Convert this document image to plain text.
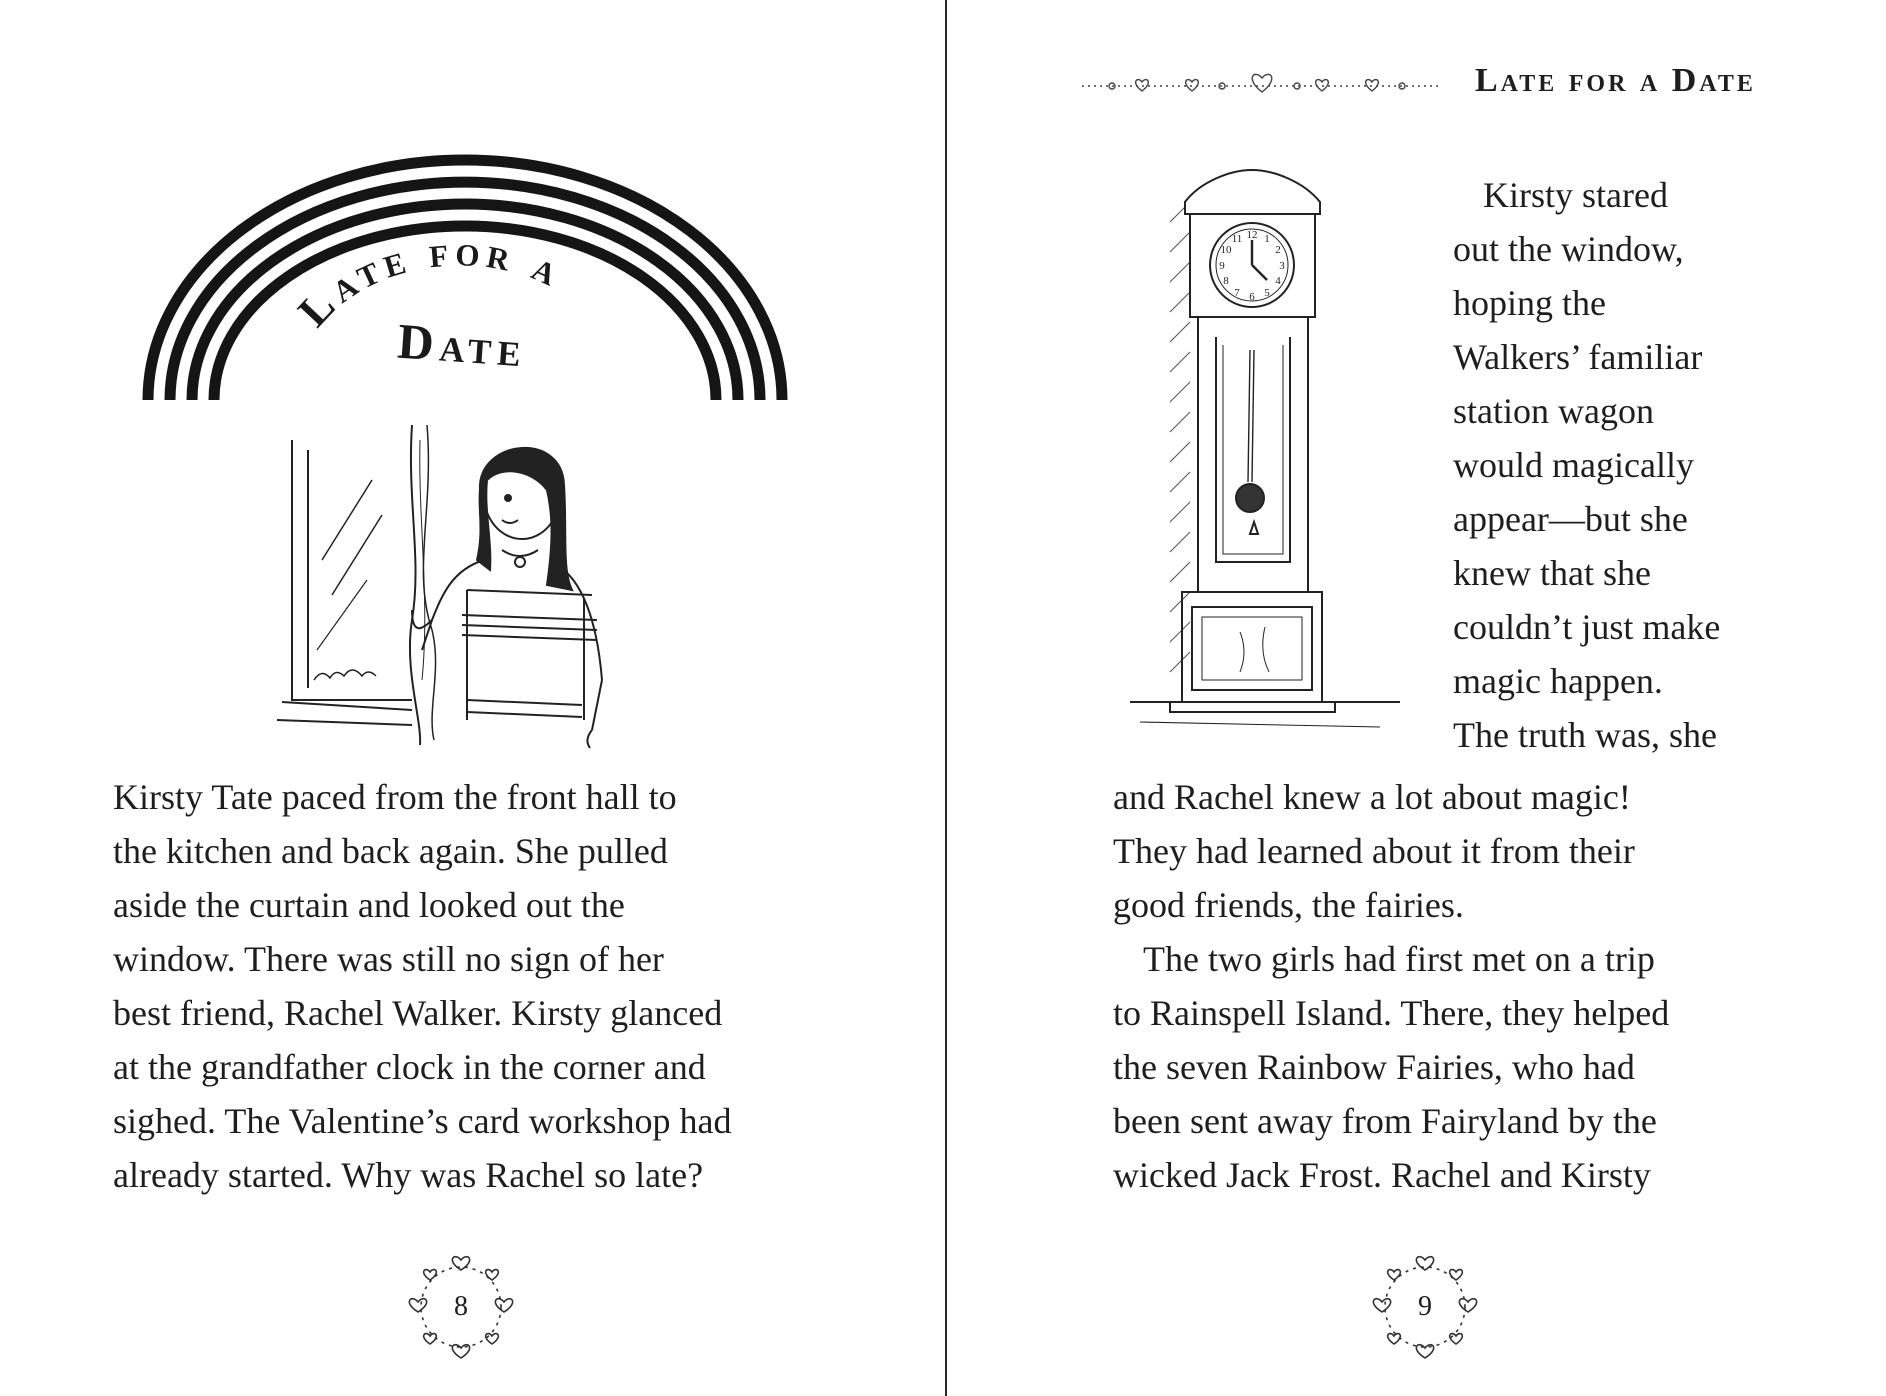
Late for a
Date
Kirsty Tate paced from the front hall to
the kitchen and back again. She pulled
aside the curtain and looked out the
window. There was still no sign of her
best friend, Rachel Walker. Kirsty glanced
at the grandfather clock in the corner and
sighed. The Valentine’s card workshop had
already started. Why was Rachel so late?
8
Late for a Date
12 1
2
3
4
5
6
7
8
9
10
11
Kirsty stared
out the window,
hoping the
Walkers’ familiar
station wagon
would magically
appear—but she
knew that she
couldn’t just make
magic happen.
The truth was, she
and Rachel knew a lot about magic!
They had learned about it from their
good friends, the fairies.
The two girls had first met on a trip
to Rainspell Island. There, they helped
the seven Rainbow Fairies, who had
been sent away from Fairyland by the
wicked Jack Frost. Rachel and Kirsty
9
